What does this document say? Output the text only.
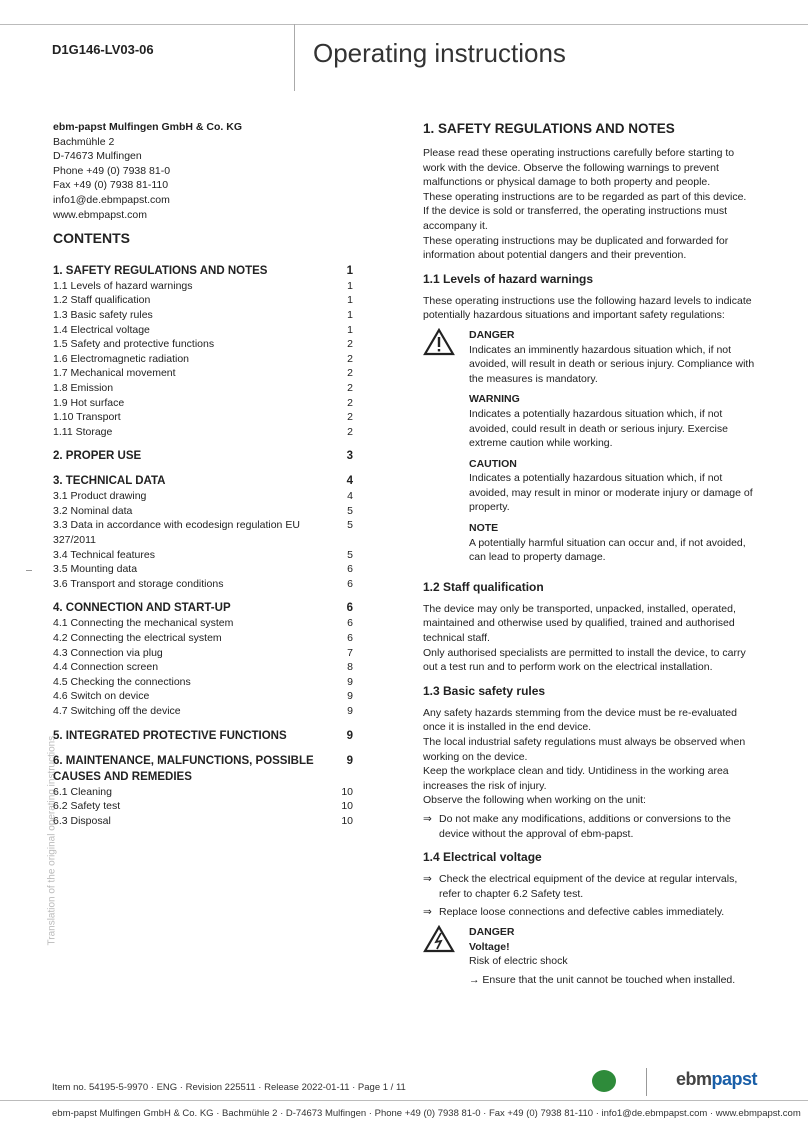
D1G146-LV03-06	Operating instructions
Translation of the original operating instructions
ebm-papst Mulfingen GmbH & Co. KG
Bachmühle 2
D-74673 Mulfingen
Phone +49 (0) 7938 81-0
Fax +49 (0) 7938 81-110
info1@de.ebmpapst.com
www.ebmpapst.com
CONTENTS
1. SAFETY REGULATIONS AND NOTES	1
1.1 Levels of hazard warnings	1
1.2 Staff qualification	1
1.3 Basic safety rules	1
1.4 Electrical voltage	1
1.5 Safety and protective functions	2
1.6 Electromagnetic radiation	2
1.7 Mechanical movement	2
1.8 Emission	2
1.9 Hot surface	2
1.10 Transport	2
1.11 Storage	2
2. PROPER USE	3
3. TECHNICAL DATA	4
3.1 Product drawing	4
3.2 Nominal data	5
3.3 Data in accordance with ecodesign regulation EU 327/2011
5
3.4 Technical features	5
3.5 Mounting data	6
3.6 Transport and storage conditions	6
4. CONNECTION AND START-UP	6
4.1 Connecting the mechanical system	6
4.2 Connecting the electrical system	6
4.3 Connection via plug	7
4.4 Connection screen	8
4.5 Checking the connections	9
4.6 Switch on device	9
4.7 Switching off the device	9
5. INTEGRATED PROTECTIVE FUNCTIONS	9
6. MAINTENANCE, MALFUNCTIONS, POSSIBLE CAUSES AND REMEDIES
9
6.1 Cleaning	10
6.2 Safety test	10
6.3 Disposal	10
1. SAFETY REGULATIONS AND NOTES

Please read these operating instructions carefully before starting to work with the device. Observe the following warnings to prevent malfunctions or physical damage to both property and people.

These operating instructions are to be regarded as part of this device.

If the device is sold or transferred, the operating instructions must accompany it.

These operating instructions may be duplicated and forwarded for information about potential dangers and their prevention.

1.1 Levels of hazard warnings

These operating instructions use the following hazard levels to indicate potentially hazardous situations and important safety regulations:

DANGER
Indicates an imminently hazardous situation which, if not avoided, will result in death or serious injury. Compliance with the measures is mandatory.
WARNING
Indicates a potentially hazardous situation which, if not avoided, could result in death or serious injury. Exercise extreme caution while working.
CAUTION
Indicates a potentially hazardous situation which, if not avoided, may result in minor or moderate injury or damage of property.
NOTE
A potentially harmful situation can occur and, if not avoided, can lead to property damage.
1.2 Staff qualification

The device may only be transported, unpacked, installed, operated, maintained and otherwise used by qualified, trained and authorised technical staff.

Only authorised specialists are permitted to install the device, to carry out a test run and to perform work on the electrical installation.

1.3 Basic safety rules

Any safety hazards stemming from the device must be re-evaluated once it is installed in the end device.

The local industrial safety regulations must always be observed when working on the device.

Keep the workplace clean and tidy. Untidiness in the working area increases the risk of injury.

Observe the following when working on the unit:

⇒ Do not make any modifications, additions or conversions to the device without the approval of ebm-papst.
1.4 Electrical voltage
⇒ Check the electrical equipment of the device at regular intervals, refer to chapter 6.2 Safety test.
⇒ Replace loose connections and defective cables immediately.
DANGER
Voltage!
Risk of electric shock
→ Ensure that the unit cannot be touched when installed.
Item no. 54195-5-9970 · ENG · Revision 225511 · Release 2022-01-11 · Page 1 / 11	ebmpapst
ebm-papst Mulfingen GmbH & Co. KG · Bachmühle 2 · D-74673 Mulfingen · Phone +49 (0) 7938 81-0 · Fax +49 (0) 7938 81-110 · info1@de.ebmpapst.com · www.ebmpapst.com
